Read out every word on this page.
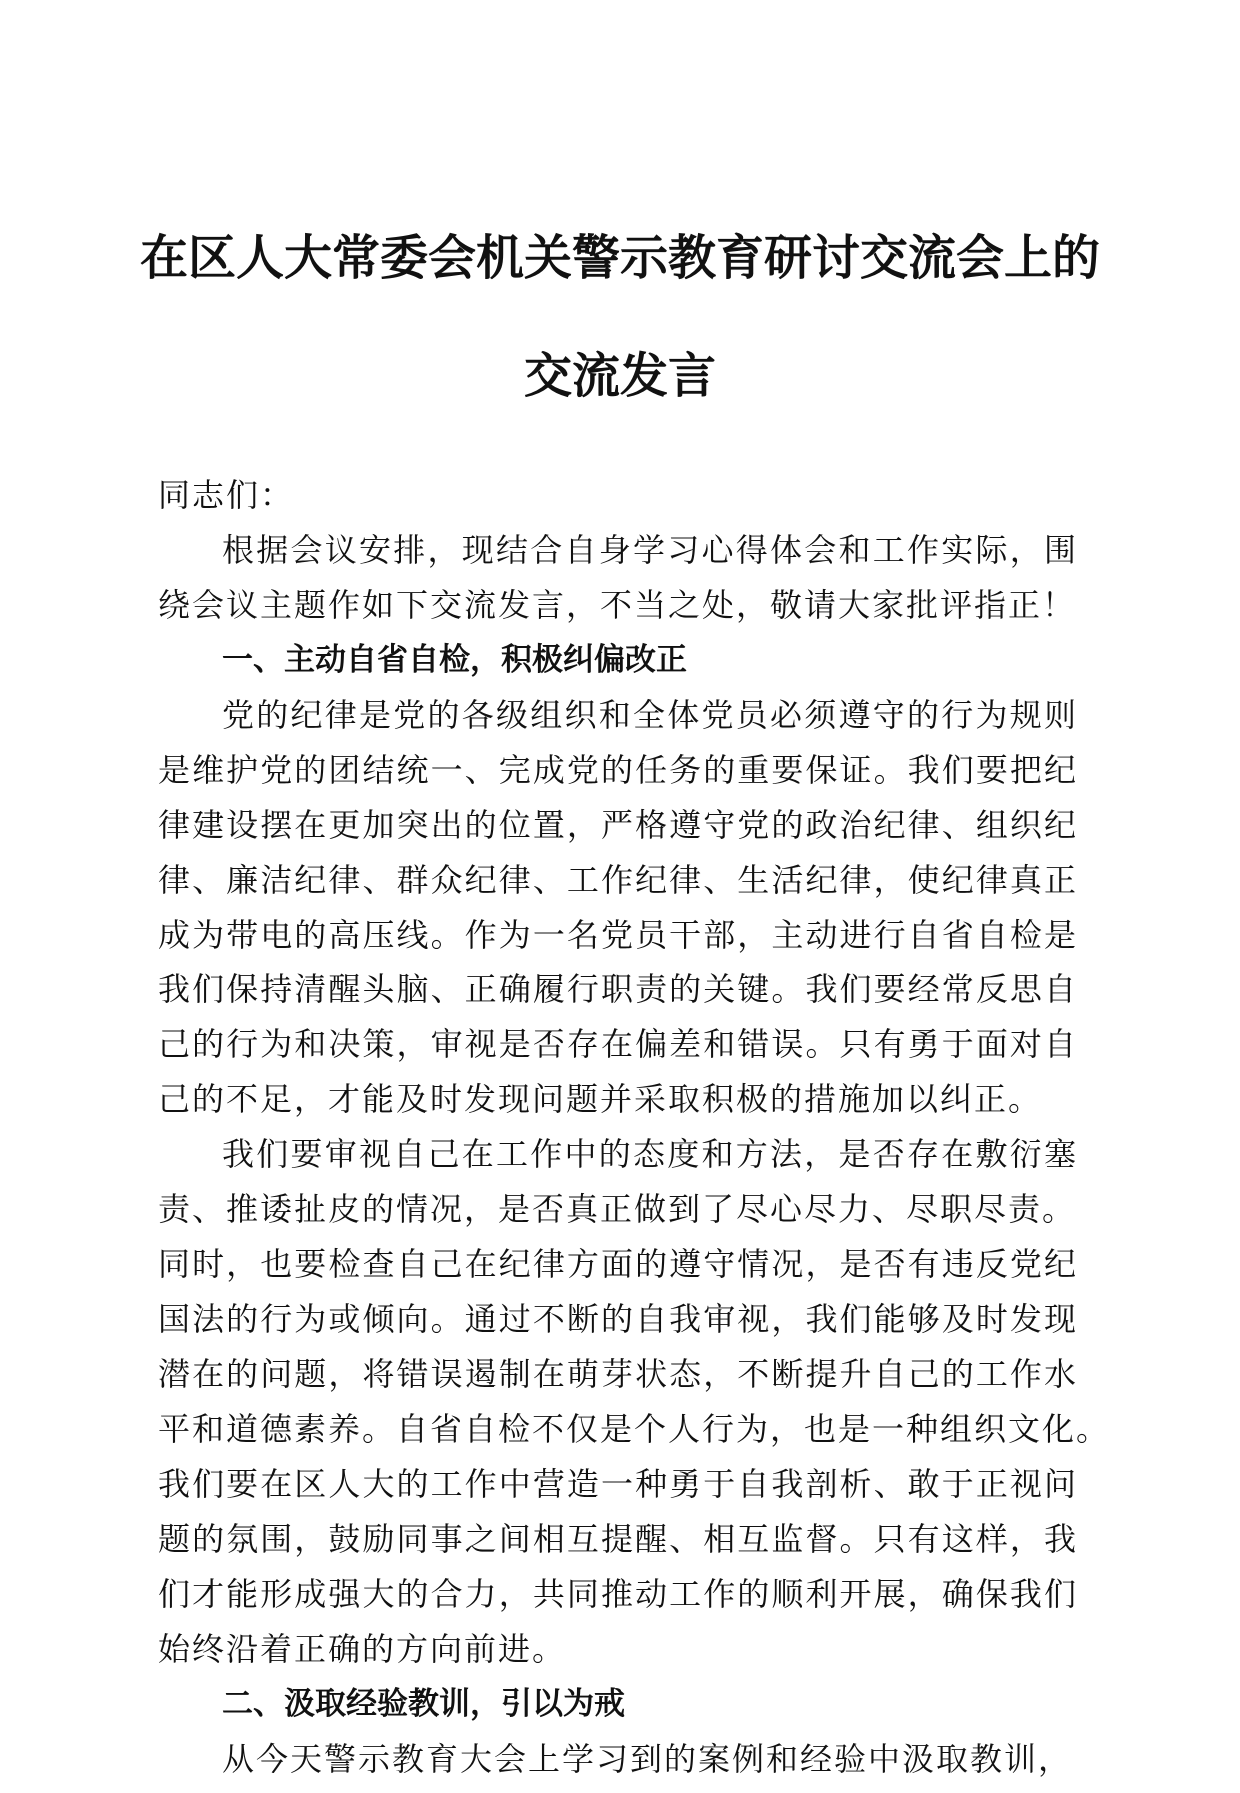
在区人大常委会机关警示教育研讨交流会上的
交流发言
同志们：
根据会议安排，现结合自身学习心得体会和工作实际，围
绕会议主题作如下交流发言，不当之处，敬请大家批评指正！
一、主动自省自检，积极纠偏改正
党的纪律是党的各级组织和全体党员必须遵守的行为规则
是维护党的团结统一、完成党的任务的重要保证。我们要把纪
律建设摆在更加突出的位置，严格遵守党的政治纪律、组织纪
律、廉洁纪律、群众纪律、工作纪律、生活纪律，使纪律真正
成为带电的高压线。作为一名党员干部，主动进行自省自检是
我们保持清醒头脑、正确履行职责的关键。我们要经常反思自
己的行为和决策，审视是否存在偏差和错误。只有勇于面对自
己的不足，才能及时发现问题并采取积极的措施加以纠正。
我们要审视自己在工作中的态度和方法，是否存在敷衍塞
责、推诿扯皮的情况，是否真正做到了尽心尽力、尽职尽责。
同时，也要检查自己在纪律方面的遵守情况，是否有违反党纪
国法的行为或倾向。通过不断的自我审视，我们能够及时发现
潜在的问题，将错误遏制在萌芽状态，不断提升自己的工作水
平和道德素养。自省自检不仅是个人行为，也是一种组织文化。
我们要在区人大的工作中营造一种勇于自我剖析、敢于正视问
题的氛围，鼓励同事之间相互提醒、相互监督。只有这样，我
们才能形成强大的合力，共同推动工作的顺利开展，确保我们
始终沿着正确的方向前进。
二、汲取经验教训，引以为戒
从今天警示教育大会上学习到的案例和经验中汲取教训，
